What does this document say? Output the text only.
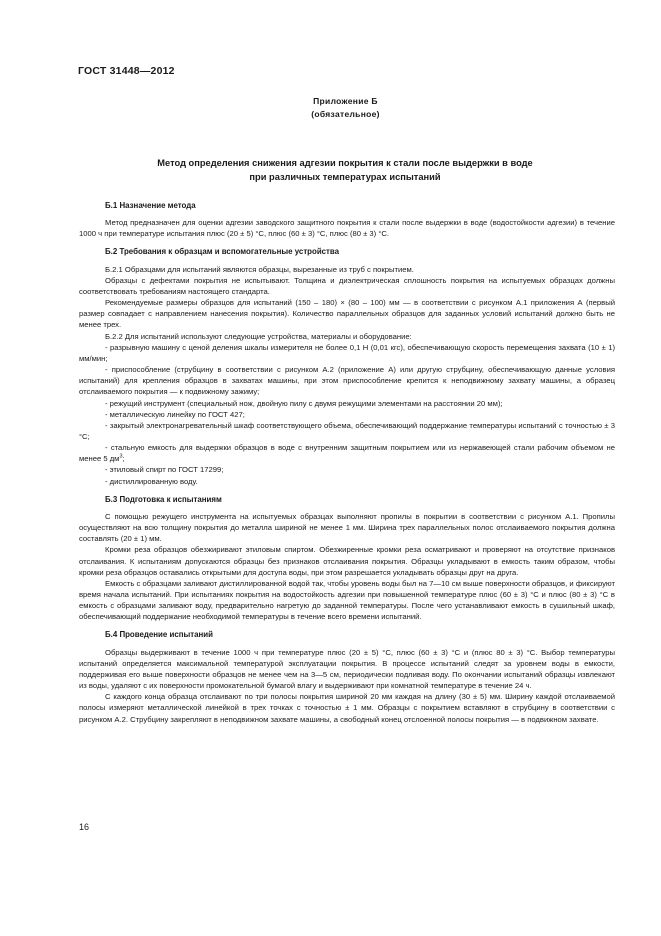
ГОСТ 31448—2012
Приложение Б
(обязательное)
Метод определения снижения адгезии покрытия к стали после выдержки в воде
при различных температурах испытаний
Б.1 Назначение метода

Метод предназначен для оценки адгезии заводского защитного покрытия к стали после выдержки в воде (водостойкости адгезии) в течение 1000 ч при температуре испытания плюс (20 ± 5) °С, плюс (60 ± 3) °С, плюс (80 ± 3) °С.

Б.2 Требования к образцам и вспомогательные устройства

Б.2.1 Образцами для испытаний являются образцы, вырезанные из труб с покрытием.

Образцы с дефектами покрытия не испытывают. Толщина и диэлектрическая сплошность покрытия на испытуемых образцах должны соответствовать требованиям настоящего стандарта.

Рекомендуемые размеры образцов для испытаний (150 – 180) × (80 – 100) мм — в соответствии с рисунком А.1 приложения А (первый размер совпадает с направлением нанесения покрытия). Количество параллельных образцов для заданных условий испытаний должно быть не менее трех.

Б.2.2 Для испытаний используют следующие устройства, материалы и оборудование:

- разрывную машину с ценой деления шкалы измерителя не более 0,1 Н (0,01 кгс), обеспечивающую скорость перемещения захвата (10 ± 1) мм/мин;

- приспособление (струбцину в соответствии с рисунком А.2 (приложение А) или другую струбцину, обеспечивающую данные условия испытаний) для крепления образцов в захватах машины, при этом приспособление крепится к неподвижному захвату машины, а образец отслаиваемого покрытия — к подвижному зажиму;

- режущий инструмент (специальный нож, двойную пилу с двумя режущими элементами на расстоянии 20 мм);

- металлическую линейку по ГОСТ 427;

- закрытый электронагревательный шкаф соответствующего объема, обеспечивающий поддержание температуры испытаний с точностью ± 3 °С;

- стальную емкость для выдержки образцов в воде с внутренним защитным покрытием или из нержавеющей стали рабочим объемом не менее 5 $дм^3$;

- этиловый спирт по ГОСТ 17299;

- дистиллированную воду.

Б.3 Подготовка к испытаниям

С помощью режущего инструмента на испытуемых образцах выполняют пропилы в покрытии в соответствии с рисунком А.1. Пропилы осуществляют на всю толщину покрытия до металла шириной не менее 1 мм. Ширина трех параллельных полос отслаиваемого покрытия должна составлять (20 ± 1) мм.

Кромки реза образцов обезжиривают этиловым спиртом. Обезжиренные кромки реза осматривают и проверяют на отсутствие признаков отслаивания. К испытаниям допускаются образцы без признаков отслаивания покрытия. Образцы укладывают в емкость таким образом, чтобы кромки реза образцов оставались открытыми для доступа воды, при этом разрешается укладывать образцы друг на друга.

Емкость с образцами заливают дистиллированной водой так, чтобы уровень воды был на 7—10 см выше поверхности образцов, и фиксируют время начала испытаний. При испытаниях покрытия на водостойкость адгезии при повышенной температуре плюс (60 ± 3) °С и плюс (80 ± 3) °С в емкость с образцами заливают воду, предварительно нагретую до заданной температуры. После чего устанавливают емкость в сушильный шкаф, обеспечивающий поддержание необходимой температуры в течение всего времени испытаний.

Б.4 Проведение испытаний

Образцы выдерживают в течение 1000 ч при температуре плюс (20 ± 5) °С, плюс (60 ± 3) °С и (плюс 80 ± 3) °С. Выбор температуры испытаний определяется максимальной температурой эксплуатации покрытия. В процессе испытаний следят за уровнем воды в емкости, поддерживая его выше поверхности образцов не менее чем на 3—5 см, периодически подливая воду. По окончании испытаний образцы извлекают из воды, удаляют с их поверхности промокательной бумагой влагу и выдерживают при комнатной температуре в течение 24 ч.

С каждого конца образца отслаивают по три полосы покрытия шириной 20 мм каждая на длину (30 ± 5) мм. Ширину каждой отслаиваемой полосы измеряют металлической линейкой в трех точках с точностью ± 1 мм. Образцы с покрытием вставляют в струбцину в соответствии с рисунком А.2. Струбцину закрепляют в неподвижном захвате машины, а свободный конец отслоенной полосы покрытия — в подвижном захвате.

16
